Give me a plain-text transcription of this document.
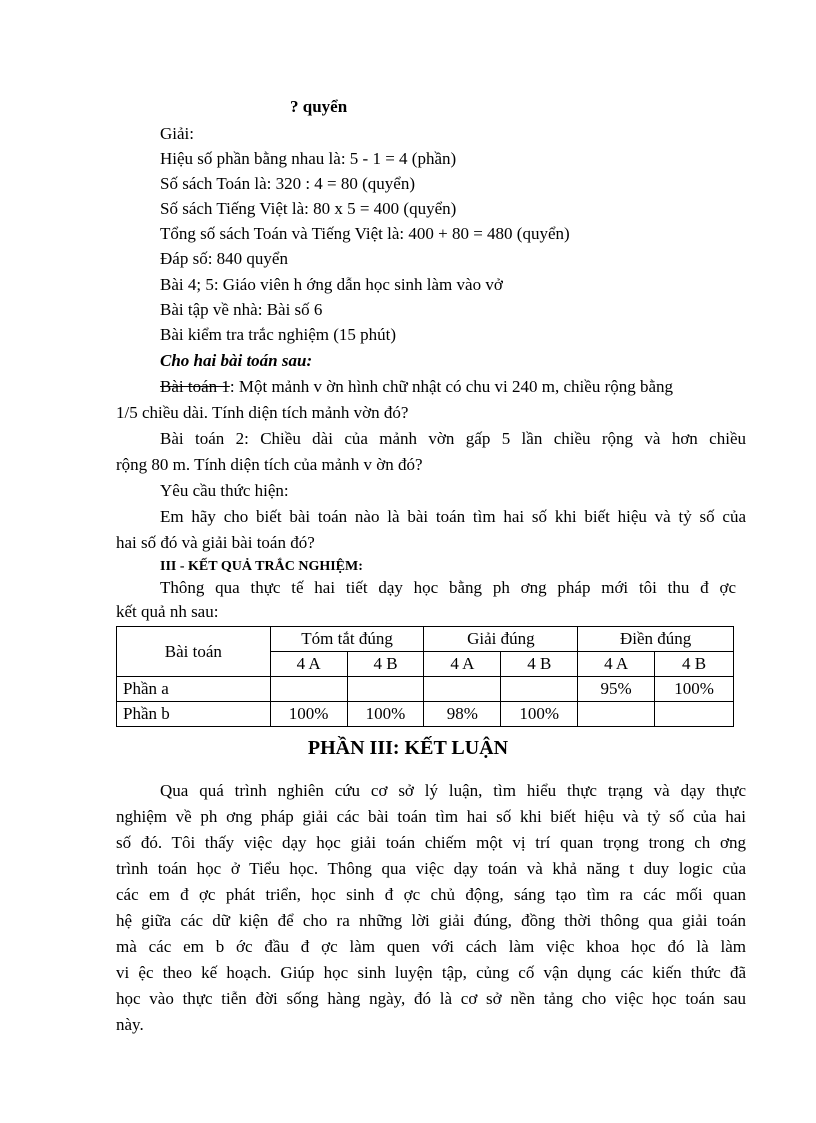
? quyển
Giải:
Hiệu số phần bằng nhau là: 5 - 1 = 4 (phần)
Số sách Toán là: 320 : 4 = 80 (quyển)
Số sách Tiếng Việt là: 80 x 5 = 400 (quyển)
Tổng số sách Toán và Tiếng Việt là: 400 + 80 = 480 (quyển)
Đáp số: 840 quyển
Bài 4; 5: Giáo viên h ớng dẫn học sinh làm vào vở
Bài tập về nhà: Bài số 6
Bài kiểm tra trắc nghiệm (15 phút)
Cho hai bài toán sau:
Bài toán 1: Một mảnh v ờn hình chữ nhật có chu vi 240 m, chiều rộng bằng
1/5 chiều dài. Tính diện tích mảnh vờn đó?
Bài toán 2: Chiều dài của mảnh vờn gấp 5 lần chiều rộng và hơn chiều
rộng 80 m. Tính diện tích của mảnh v ờn đó?
Yêu cầu thức hiện:
Em hãy cho biết bài toán nào là bài toán tìm hai số khi biết hiệu và tỷ số của
hai số đó và giải bài toán đó?
III - KẾT QUẢ TRẮC NGHIỆM:
Thông qua thực tế hai tiết dạy học bằng ph ơng pháp mới tôi thu đ ợc
kết quả nh sau:
Bài toán	Tóm tắt đúng		Giải đúng		Điền đúng	
	4 A	4 B	4 A	4 B	4 A	4 B
Phần a					95%	100%
Phần b	100%	100%	98%	100%		
PHẦN III: KẾT LUẬN
Qua quá trình nghiên cứu cơ sở lý luận, tìm hiểu thực trạng và dạy thực
nghiệm về ph ơng pháp giải các bài toán tìm hai số khi biết hiệu và tỷ số của hai
số đó. Tôi thấy việc dạy học giải toán chiếm một vị trí quan trọng trong ch ơng
trình toán học ở Tiểu học. Thông qua việc dạy toán và khả năng t duy logic của
các em đ ợc phát triển, học sinh đ ợc chủ động, sáng tạo tìm ra các mối quan
hệ giữa các dữ kiện để cho ra những lời giải đúng, đồng thời thông qua giải toán
mà các em b ớc đầu đ ợc làm quen với cách làm việc khoa học đó là làm
vi ệc theo kế hoạch. Giúp học sinh luyện tập, củng cố vận dụng các kiến thức đã
học vào thực tiễn đời sống hàng ngày, đó là cơ sở nền tảng cho việc học toán sau
này.
